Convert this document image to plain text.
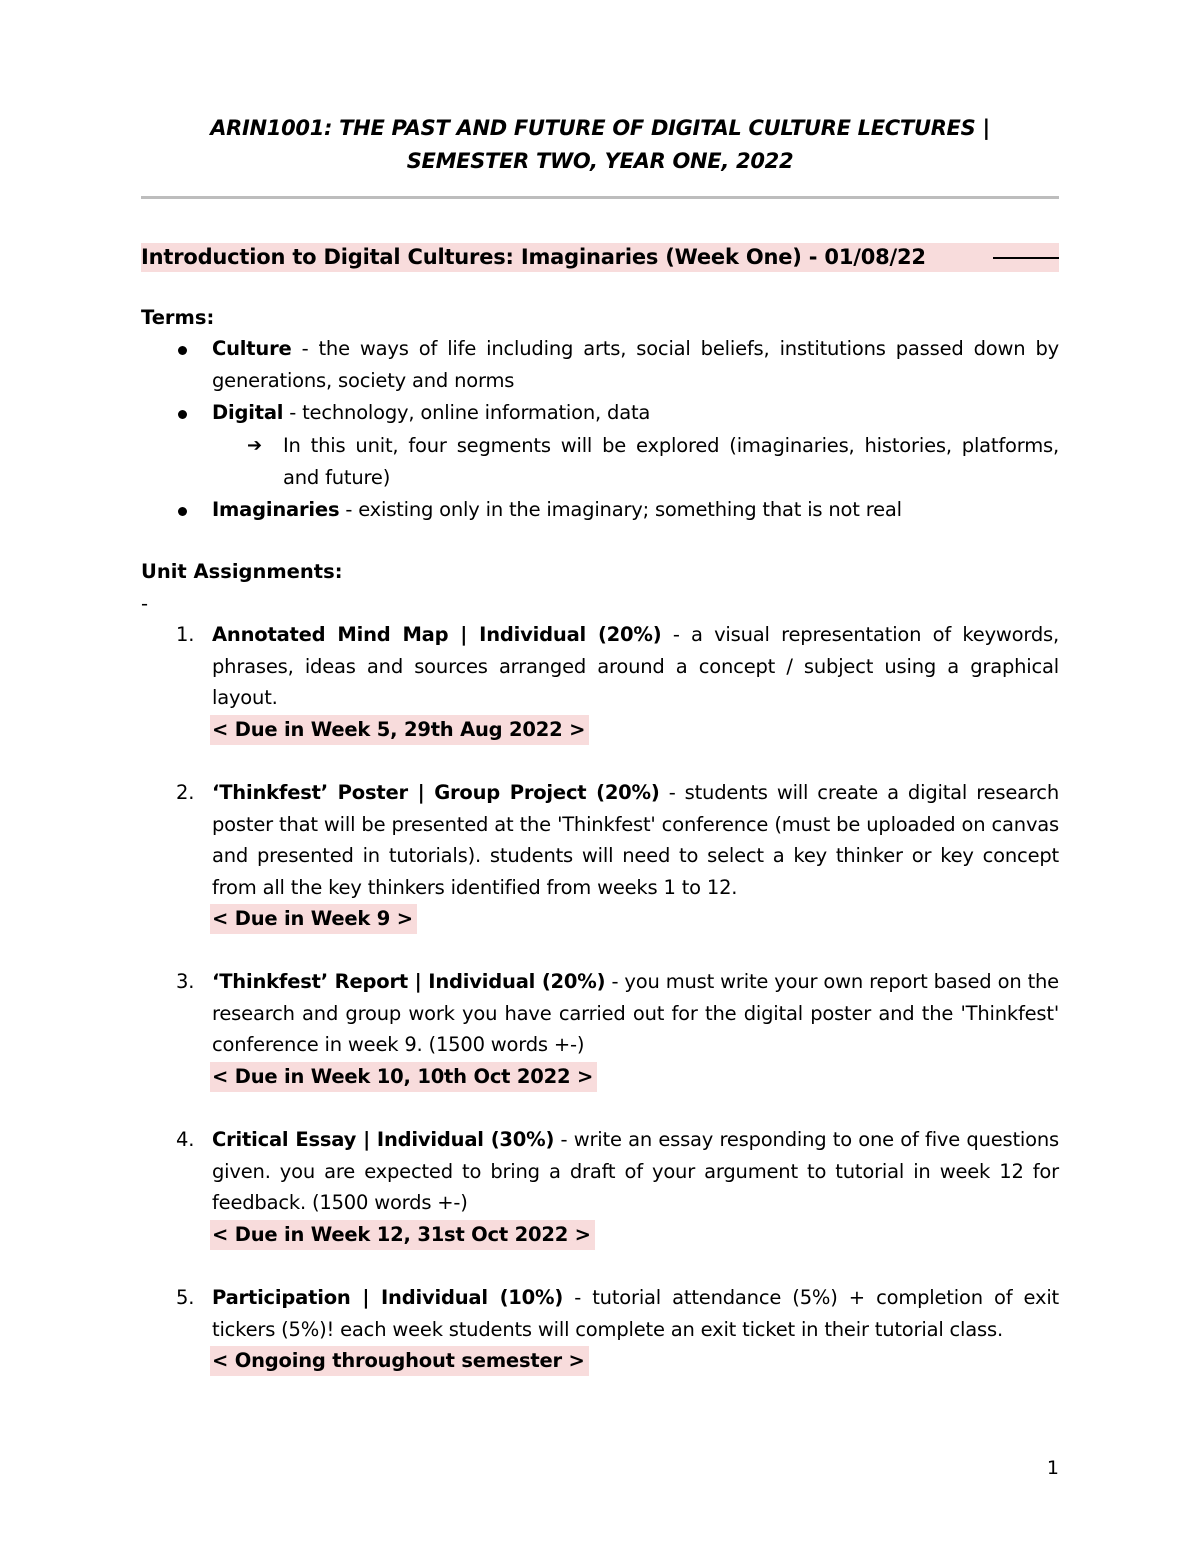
ARIN1001: THE PAST AND FUTURE OF DIGITAL CULTURE LECTURES |
SEMESTER TWO, YEAR ONE, 2022
Introduction to Digital Cultures: Imaginaries (Week One) - 01/08/22
Terms:
Culture - the ways of life including arts, social beliefs, institutions passed down by generations, society and norms
Digital - technology, online information, data
➔ In this unit, four segments will be explored (imaginaries, histories, platforms, and future)
Imaginaries - existing only in the imaginary; something that is not real
Unit Assignments:
-
1. Annotated Mind Map | Individual (20%) - a visual representation of keywords, phrases, ideas and sources arranged around a concept / subject using a graphical layout.
< Due in Week 5, 29th Aug 2022 >
2. ‘Thinkfest’ Poster | Group Project (20%) - students will create a digital research poster that will be presented at the 'Thinkfest' conference (must be uploaded on canvas and presented in tutorials). students will need to select a key thinker or key concept from all the key thinkers identified from weeks 1 to 12.
< Due in Week 9 >
3. ‘Thinkfest’ Report | Individual (20%) - you must write your own report based on the research and group work you have carried out for the digital poster and the 'Thinkfest' conference in week 9. (1500 words +-)
< Due in Week 10, 10th Oct 2022 >
4. Critical Essay | Individual (30%) - write an essay responding to one of five questions given. you are expected to bring a draft of your argument to tutorial in week 12 for feedback. (1500 words +-)
< Due in Week 12, 31st Oct 2022 >
5. Participation | Individual (10%) - tutorial attendance (5%) + completion of exit tickers (5%)! each week students will complete an exit ticket in their tutorial class.
< Ongoing throughout semester >
1
